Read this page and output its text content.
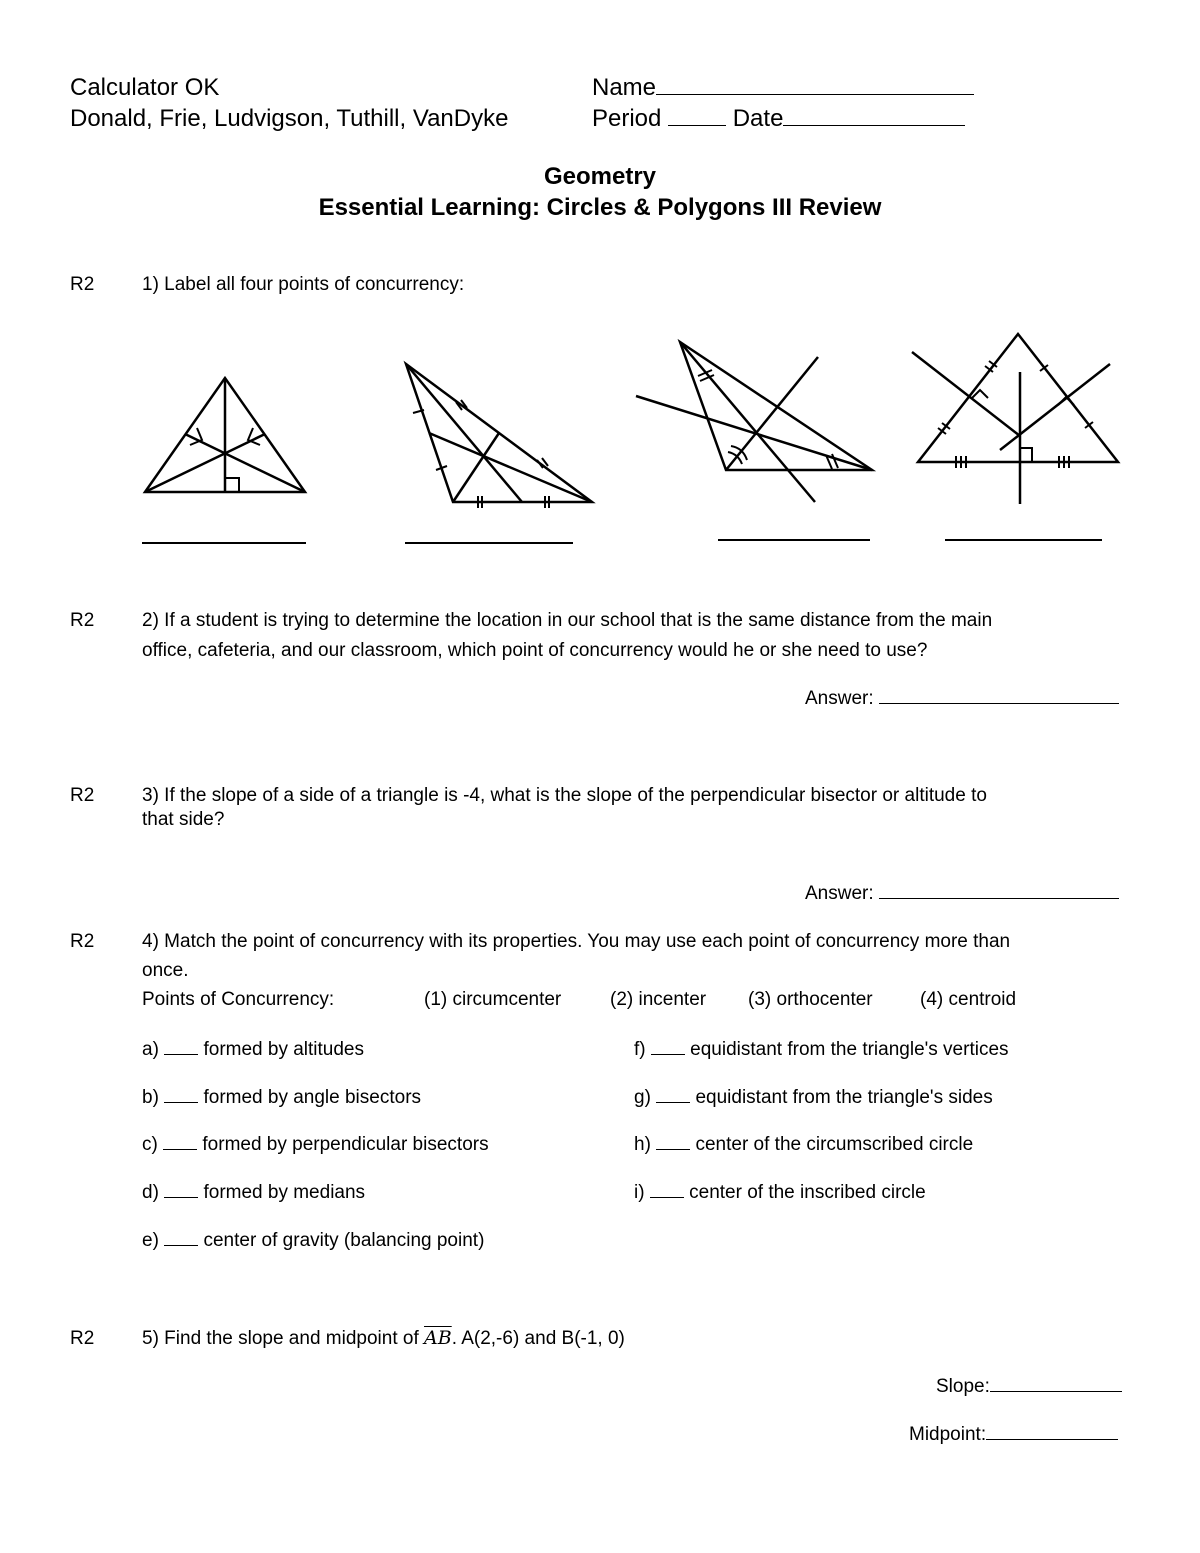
Calculator OK	Name
Donald, Frie, Ludvigson, Tuthill, VanDyke	Period	Date
Geometry
Essential Learning: Circles & Polygons III Review
R2	1) Label all four points of concurrency:
R2	2) If a student is trying to determine the location in our school that is the same distance from the main
office, cafeteria, and our classroom, which point of concurrency would he or she need to use?
Answer:
R2	3) If the slope of a side of a triangle is -4, what is the slope of the perpendicular bisector or altitude to
that side?
Answer:
R2	4) Match the point of concurrency with its properties. You may use each point of concurrency more than
once.
Points of Concurrency:	(1) circumcenter	(2) incenter (3) orthocenter (4) centroid
a) formed by altitudes
b) formed by angle bisectors
c) formed by perpendicular bisectors
d) formed by medians
e) center of gravity (balancing point)
f) equidistant from the triangle's vertices
g) equidistant from the triangle's sides
h) center of the circumscribed circle
i) center of the inscribed circle
R2	5) Find the slope and midpoint of $\overline{AB}$. A(2,-6) and B(-1, 0)
Slope:
Midpoint:
